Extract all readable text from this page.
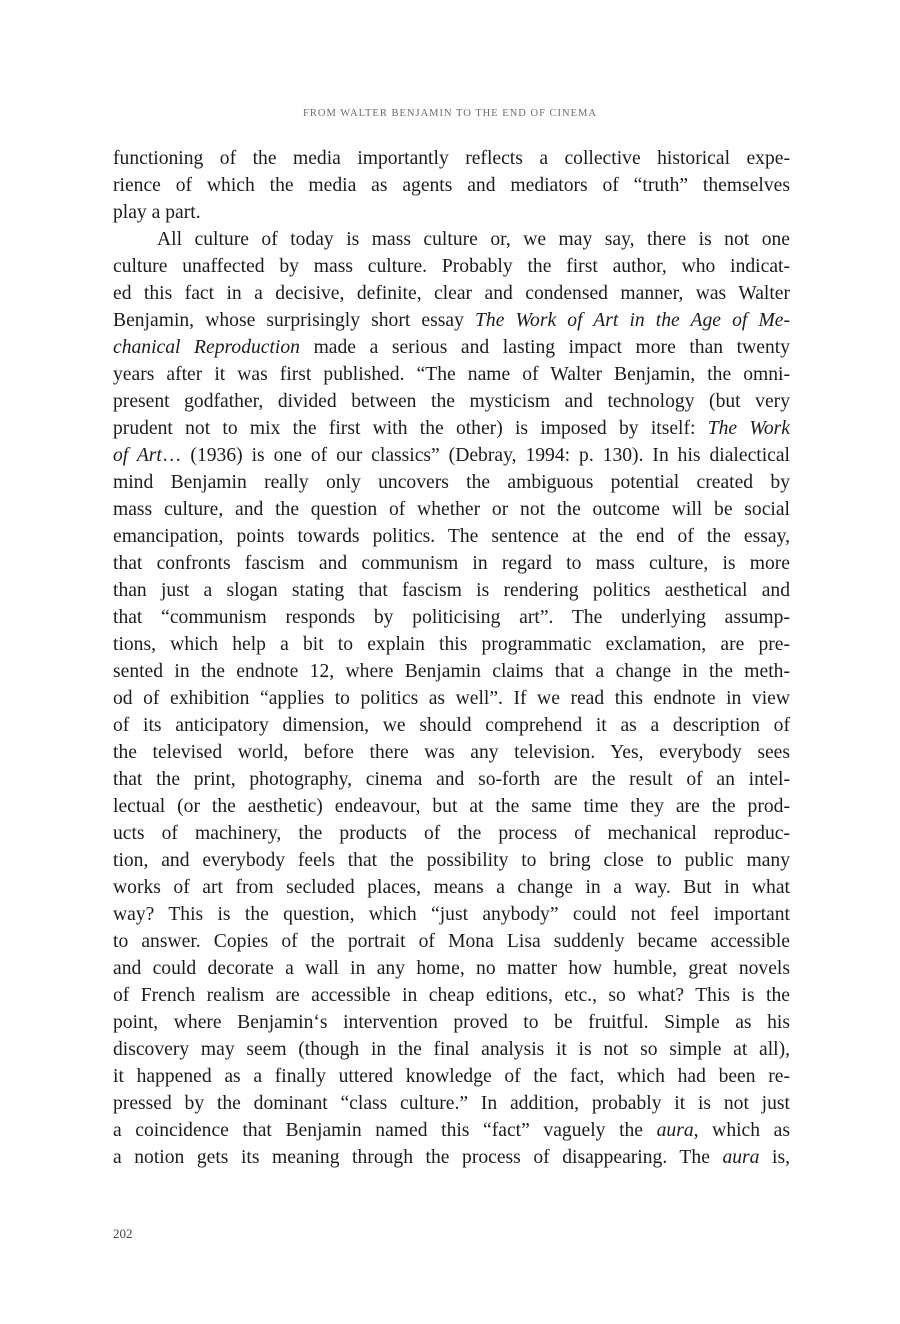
FROM WALTER BENJAMIN TO THE END OF CINEMA
functioning of the media importantly reflects a collective historical expe-
rience of which the media as agents and mediators of “truth” themselves
play a part.
All culture of today is mass culture or, we may say, there is not one
culture unaffected by mass culture. Probably the first author, who indicat-
ed this fact in a decisive, definite, clear and condensed manner, was Walter
Benjamin, whose surprisingly short essay The Work of Art in the Age of Me-
chanical Reproduction made a serious and lasting impact more than twenty
years after it was first published. “The name of Walter Benjamin, the omni-
present godfather, divided between the mysticism and technology (but very
prudent not to mix the first with the other) is imposed by itself: The Work
of Art… (1936) is one of our classics” (Debray, 1994: p. 130). In his dialectical
mind Benjamin really only uncovers the ambiguous potential created by
mass culture, and the question of whether or not the outcome will be social
emancipation, points towards politics. The sentence at the end of the essay,
that confronts fascism and communism in regard to mass culture, is more
than just a slogan stating that fascism is rendering politics aesthetical and
that “communism responds by politicising art”. The underlying assump-
tions, which help a bit to explain this programmatic exclamation, are pre-
sented in the endnote 12, where Benjamin claims that a change in the meth-
od of exhibition “applies to politics as well”. If we read this endnote in view
of its anticipatory dimension, we should comprehend it as a description of
the televised world, before there was any television. Yes, everybody sees
that the print, photography, cinema and so-forth are the result of an intel-
lectual (or the aesthetic) endeavour, but at the same time they are the prod-
ucts of machinery, the products of the process of mechanical reproduc-
tion, and everybody feels that the possibility to bring close to public many
works of art from secluded places, means a change in a way. But in what
way? This is the question, which “just anybody” could not feel important
to answer. Copies of the portrait of Mona Lisa suddenly became accessible
and could decorate a wall in any home, no matter how humble, great novels
of French realism are accessible in cheap editions, etc., so what? This is the
point, where Benjamin‘s intervention proved to be fruitful. Simple as his
discovery may seem (though in the final analysis it is not so simple at all),
it happened as a finally uttered knowledge of the fact, which had been re-
pressed by the dominant “class culture.” In addition, probably it is not just
a coincidence that Benjamin named this “fact” vaguely the aura, which as
a notion gets its meaning through the process of disappearing. The aura is,
202
